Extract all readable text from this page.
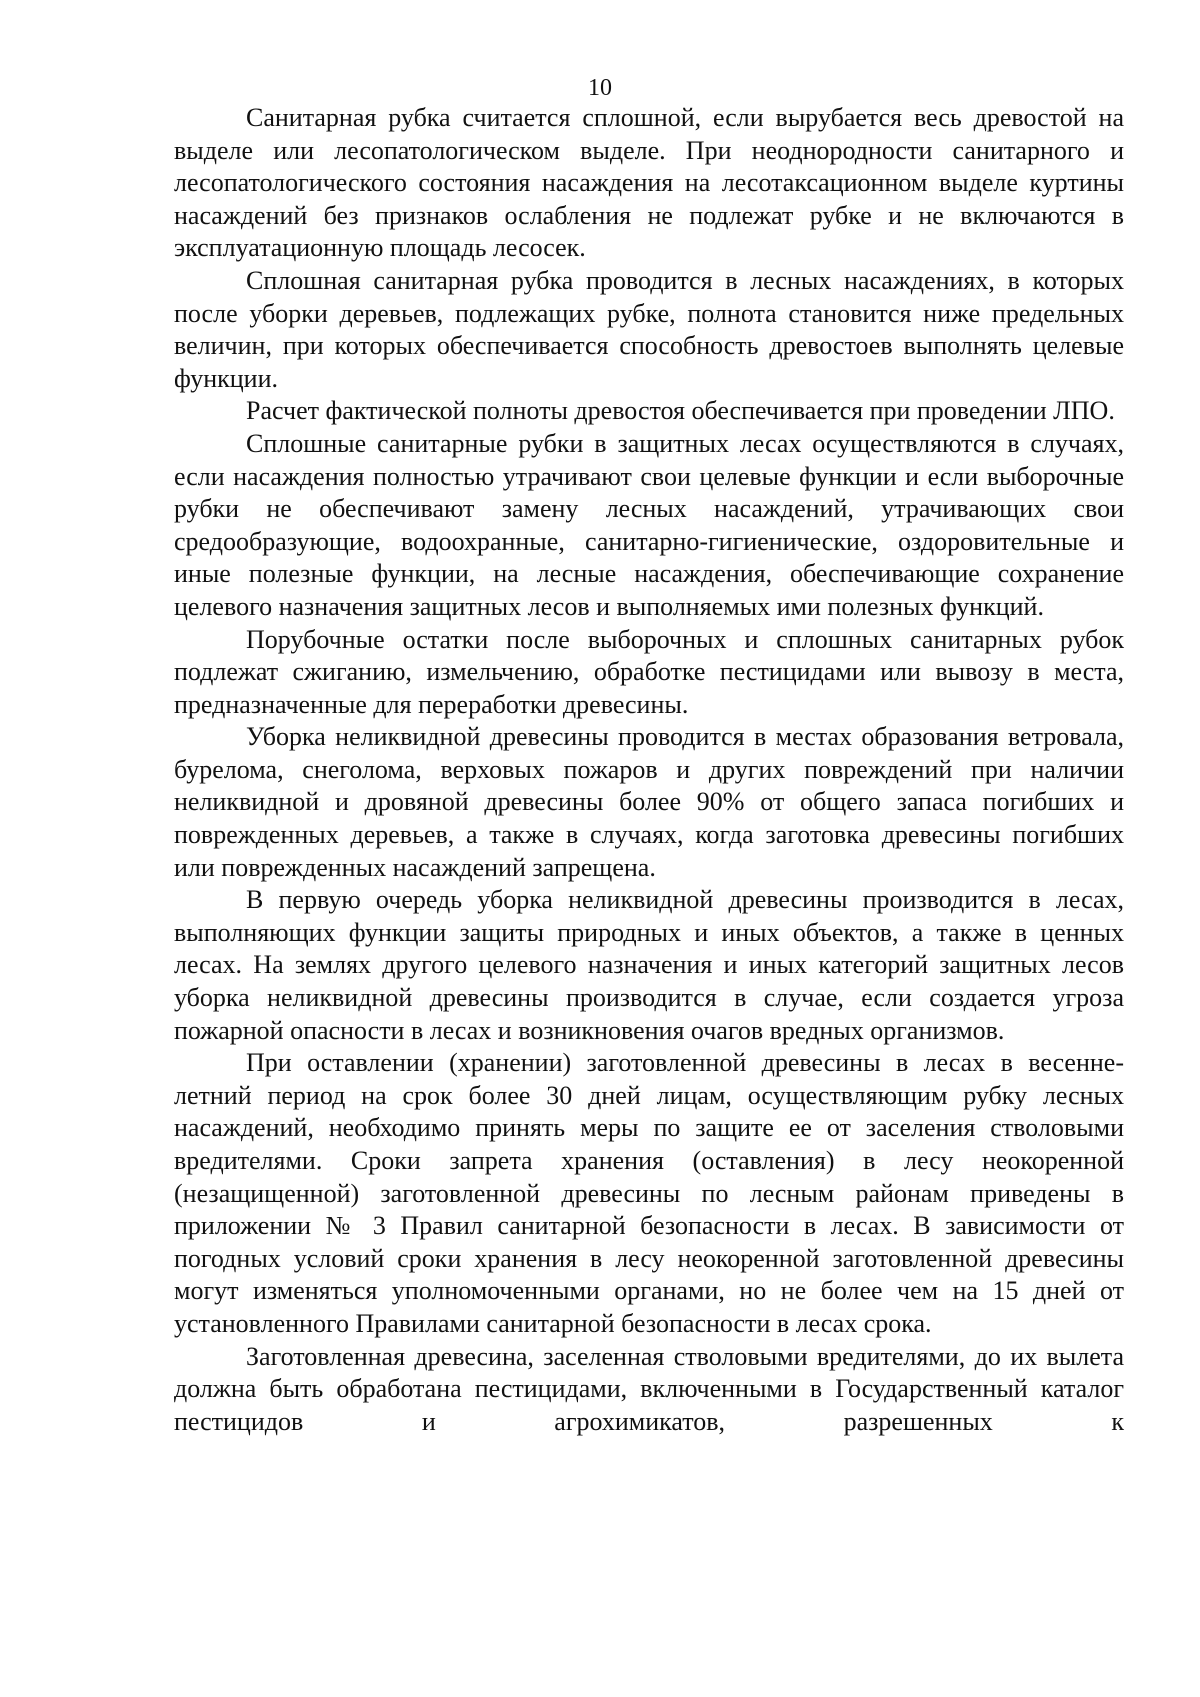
10

Санитарная рубка считается сплошной, если вырубается весь древостой на выделе или лесопатологическом выделе. При неоднородности санитарного и лесопатологического состояния насаждения на лесотаксационном выделе куртины насаждений без признаков ослабления не подлежат рубке и не включаются в эксплуатационную площадь лесосек.

Сплошная санитарная рубка проводится в лесных насаждениях, в которых после уборки деревьев, подлежащих рубке, полнота становится ниже предельных величин, при которых обеспечивается способность древостоев выполнять целевые функции.

Расчет фактической полноты древостоя обеспечивается при проведении ЛПО.

Сплошные санитарные рубки в защитных лесах осуществляются в случаях, если насаждения полностью утрачивают свои целевые функции и если выборочные рубки не обеспечивают замену лесных насаждений, утрачивающих свои средообразующие, водоохранные, санитарно-гигиенические, оздоровительные и иные полезные функции, на лесные насаждения, обеспечивающие сохранение целевого назначения защитных лесов и выполняемых ими полезных функций.

Порубочные остатки после выборочных и сплошных санитарных рубок подлежат сжиганию, измельчению, обработке пестицидами или вывозу в места, предназначенные для переработки древесины.

Уборка неликвидной древесины проводится в местах образования ветровала, бурелома, снеголома, верховых пожаров и других повреждений при наличии неликвидной и дровяной древесины более 90% от общего запаса погибших и поврежденных деревьев, а также в случаях, когда заготовка древесины погибших или поврежденных насаждений запрещена.

В первую очередь уборка неликвидной древесины производится в лесах, выполняющих функции защиты природных и иных объектов, а также в ценных лесах. На землях другого целевого назначения и иных категорий защитных лесов уборка неликвидной древесины производится в случае, если создается угроза пожарной опасности в лесах и возникновения очагов вредных организмов.

При оставлении (хранении) заготовленной древесины в лесах в весенне-летний период на срок более 30 дней лицам, осуществляющим рубку лесных насаждений, необходимо принять меры по защите ее от заселения стволовыми вредителями. Сроки запрета хранения (оставления) в лесу неокоренной (незащищенной) заготовленной древесины по лесным районам приведены в приложении № 3 Правил санитарной безопасности в лесах. В зависимости от погодных условий сроки хранения в лесу неокоренной заготовленной древесины могут изменяться уполномоченными органами, но не более чем на 15 дней от установленного Правилами санитарной безопасности в лесах срока.

Заготовленная древесина, заселенная стволовыми вредителями, до их вылета должна быть обработана пестицидами, включенными в Государственный каталог пестицидов и агрохимикатов, разрешенных к
